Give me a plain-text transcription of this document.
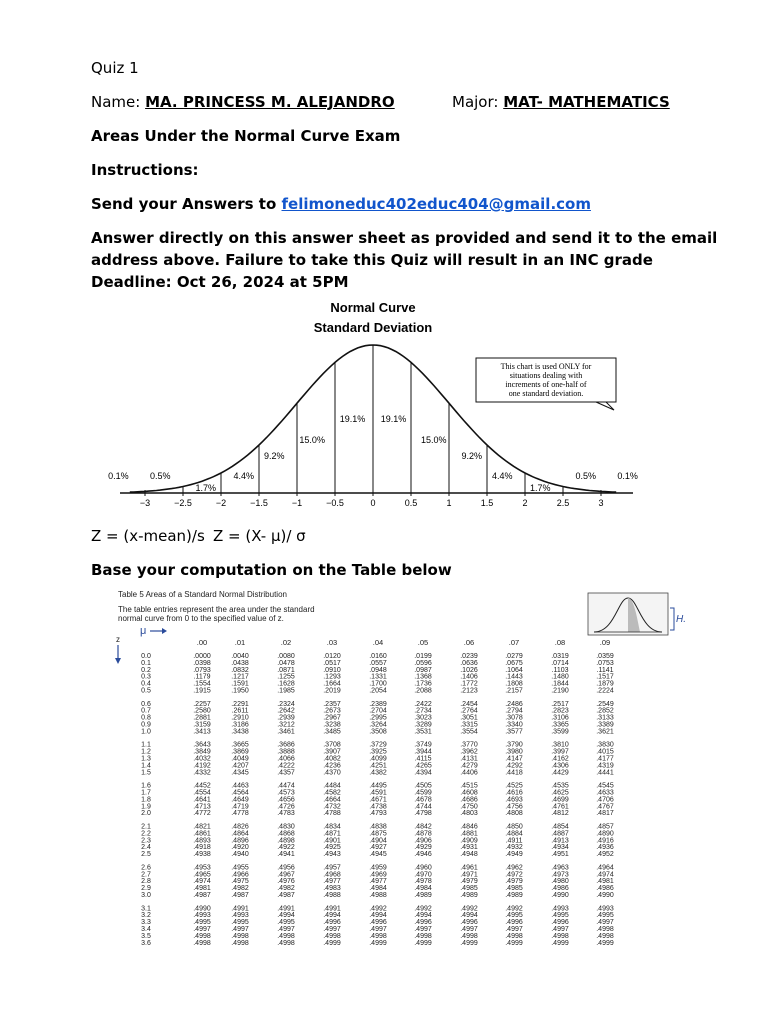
Quiz 1
Name: MA. PRINCESS M. ALEJANDRO	Major: MAT- MATHEMATICS
Areas Under the Normal Curve Exam
Instructions:
Send your Answers to felimoneduc402educ404@gmail.com
Answer directly on this answer sheet as provided and send it to the email
address above. Failure to take this Quiz will result in an INC grade
Deadline: Oct 26, 2024 at 5PM
Normal Curve
Standard Deviation
−3	−2.5	−2	−1.5	−1	−0.5	0	0.5	1	1.5	2	2.5	3
0.1% 0.5%
1.7%
4.4%
9.2%
15.0%
19.1% 19.1%
15.0%
9.2%
4.4%
1.7%
0.5% 0.1%
This chart is used ONLY for
situations dealing with
increments of one-half of
one standard deviation.
Z = (x-mean)/s Z = (X- μ)/ σ
Base your computation on the Table below
Table 5 Areas of a Standard Normal Distribution
The table entries represent the area under the standard
normal curve from 0 to the specified value of z.
μ
z
H.
.00	.01	.02	.03	.04	.05	.06	.07	.08	.09
0.0	.0000	.0040	.0080	.0120	.0160	.0199	.0239	.0279	.0319	.0359
0.1	.0398	.0438	.0478	.0517	.0557	.0596	.0636	.0675	.0714	.0753
0.2	.0793	.0832	.0871	.0910	.0948	.0987	.1026	.1064	.1103	.1141
0.3	.1179	.1217	.1255	.1293	.1331	.1368	.1406	.1443	.1480	.1517
0.4	.1554	.1591	.1628	.1664	.1700	.1736	.1772	.1808	.1844	.1879
0.5	.1915	.1950	.1985	.2019	.2054	.2088	.2123	.2157	.2190	.2224
0.6	.2257	.2291	.2324	.2357	.2389	.2422	.2454	.2486	.2517	.2549
0.7	.2580	.2611	.2642	.2673	.2704	.2734	.2764	.2794	.2823	.2852
0.8	.2881	.2910	.2939	.2967	.2995	.3023	.3051	.3078	.3106	.3133
0.9	.3159	.3186	.3212	.3238	.3264	.3289	.3315	.3340	.3365	.3389
1.0	.3413	.3438	.3461	.3485	.3508	.3531	.3554	.3577	.3599	.3621
1.1	.3643	.3665	.3686	.3708	.3729	.3749	.3770	.3790	.3810	.3830
1.2	.3849	.3869	.3888	.3907	.3925	.3944	.3962	.3980	.3997	.4015
1.3	.4032	.4049	.4066	.4082	.4099	.4115	.4131	.4147	.4162	.4177
1.4	.4192	.4207	.4222	.4236	.4251	.4265	.4279	.4292	.4306	.4319
1.5	.4332	.4345	.4357	.4370	.4382	.4394	.4406	.4418	.4429	.4441
1.6	.4452	.4463	.4474	.4484	.4495	.4505	.4515	.4525	.4535	.4545
1.7	.4554	.4564	.4573	.4582	.4591	.4599	.4608	.4616	.4625	.4633
1.8	.4641	.4649	.4656	.4664	.4671	.4678	.4686	.4693	.4699	.4706
1.9	.4713	.4719	.4726	.4732	.4738	.4744	.4750	.4756	.4761	.4767
2.0	.4772	.4778	.4783	.4788	.4793	.4798	.4803	.4808	.4812	.4817
2.1	.4821	.4826	.4830	.4834	.4838	.4842	.4846	.4850	.4854	.4857
2.2	.4861	.4864	.4868	.4871	.4875	.4878	.4881	.4884	.4887	.4890
2.3	.4893	.4896	.4898	.4901	.4904	.4906	.4909	.4911	.4913	.4916
2.4	.4918	.4920	.4922	.4925	.4927	.4929	.4931	.4932	.4934	.4936
2.5	.4938	.4940	.4941	.4943	.4945	.4946	.4948	.4949	.4951	.4952
2.6	.4953	.4955	.4956	.4957	.4959	.4960	.4961	.4962	.4963	.4964
2.7	.4965	.4966	.4967	.4968	.4969	.4970	.4971	.4972	.4973	.4974
2.8	.4974	.4975	.4976	.4977	.4977	.4978	.4979	.4979	.4980	.4981
2.9	.4981	.4982	.4982	.4983	.4984	.4984	.4985	.4985	.4986	.4986
3.0	.4987	.4987	.4987	.4988	.4988	.4989	.4989	.4989	.4990	.4990
3.1	.4990	.4991	.4991	.4991	.4992	.4992	.4992	.4992	.4993	.4993
3.2	.4993	.4993	.4994	.4994	.4994	.4994	.4994	.4995	.4995	.4995
3.3	.4995	.4995	.4995	.4996	.4996	.4996	.4996	.4996	.4996	.4997
3.4	.4997	.4997	.4997	.4997	.4997	.4997	.4997	.4997	.4997	.4998
3.5	.4998	.4998	.4998	.4998	.4998	.4998	.4998	.4998	.4998	.4998
3.6	.4998	.4998	.4998	.4999	.4999	.4999	.4999	.4999	.4999	.4999
